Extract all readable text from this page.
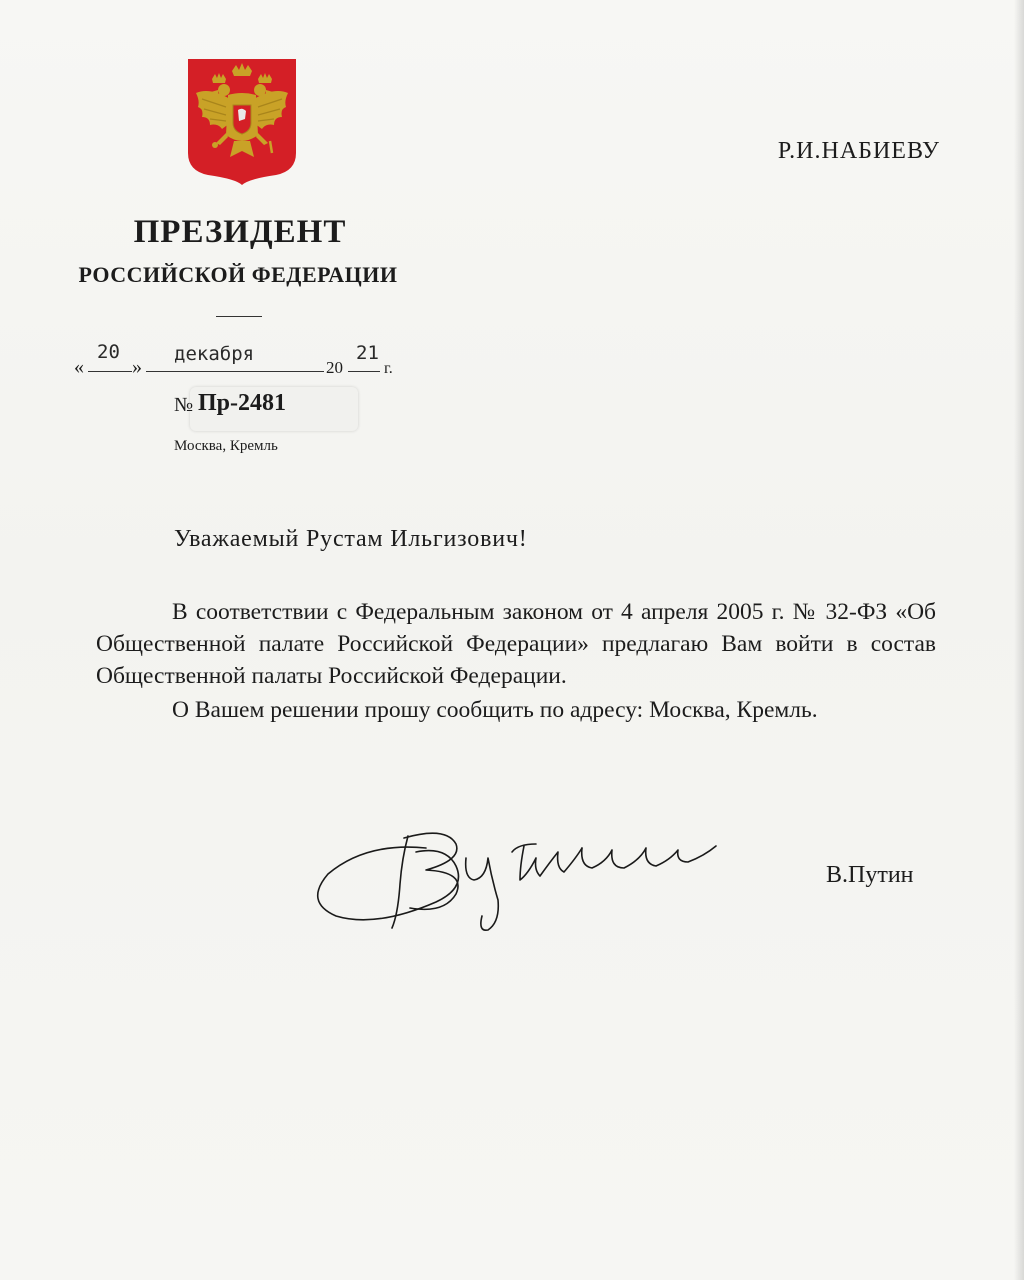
ПРЕЗИДЕНТ
РОССИЙСКОЙ ФЕДЕРАЦИИ
Р.И.НАБИЕВУ
«
20
»
декабря
20
21
г.
№ Пр-2481
Москва, Кремль
Уважаемый Рустам Ильгизович!

В соответствии с Федеральным законом от 4 апреля 2005 г. № 32-ФЗ «Об Общественной палате Российской Федерации» предлагаю Вам войти в состав Общественной палаты Российской Федерации.

О Вашем решении прошу сообщить по адресу: Москва, Кремль.

В.Путин
